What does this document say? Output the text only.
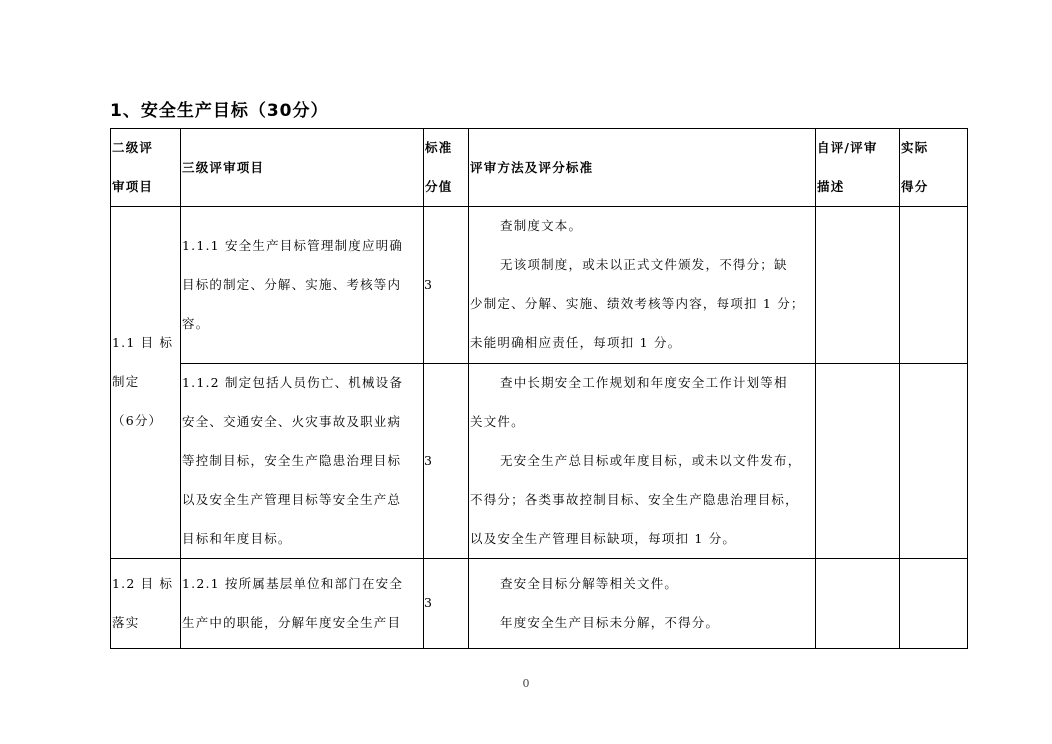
1、安全生产目标（30分）
二级评
审项目
三级评审项目
标准
分值
评审方法及评分标准
自评/评审
描述
实际
得分
1.1 目 标
制定
（6分）
1.1.1 安全生产目标管理制度应明确
目标的制定、分解、实施、考核等内
容。
3
查制度文本。
无该项制度，或未以正式文件颁发，不得分；缺
少制定、分解、实施、绩效考核等内容，每项扣 1 分；
未能明确相应责任，每项扣 1 分。
1.1.2 制定包括人员伤亡、机械设备
安全、交通安全、火灾事故及职业病
等控制目标，安全生产隐患治理目标
以及安全生产管理目标等安全生产总
目标和年度目标。
3
查中长期安全工作规划和年度安全工作计划等相
关文件。
无安全生产总目标或年度目标，或未以文件发布，
不得分；各类事故控制目标、安全生产隐患治理目标，
以及安全生产管理目标缺项，每项扣 1 分。
1.2 目 标
落实
1.2.1 按所属基层单位和部门在安全
生产中的职能，分解年度安全生产目
3
查安全目标分解等相关文件。
年度安全生产目标未分解，不得分。
0
